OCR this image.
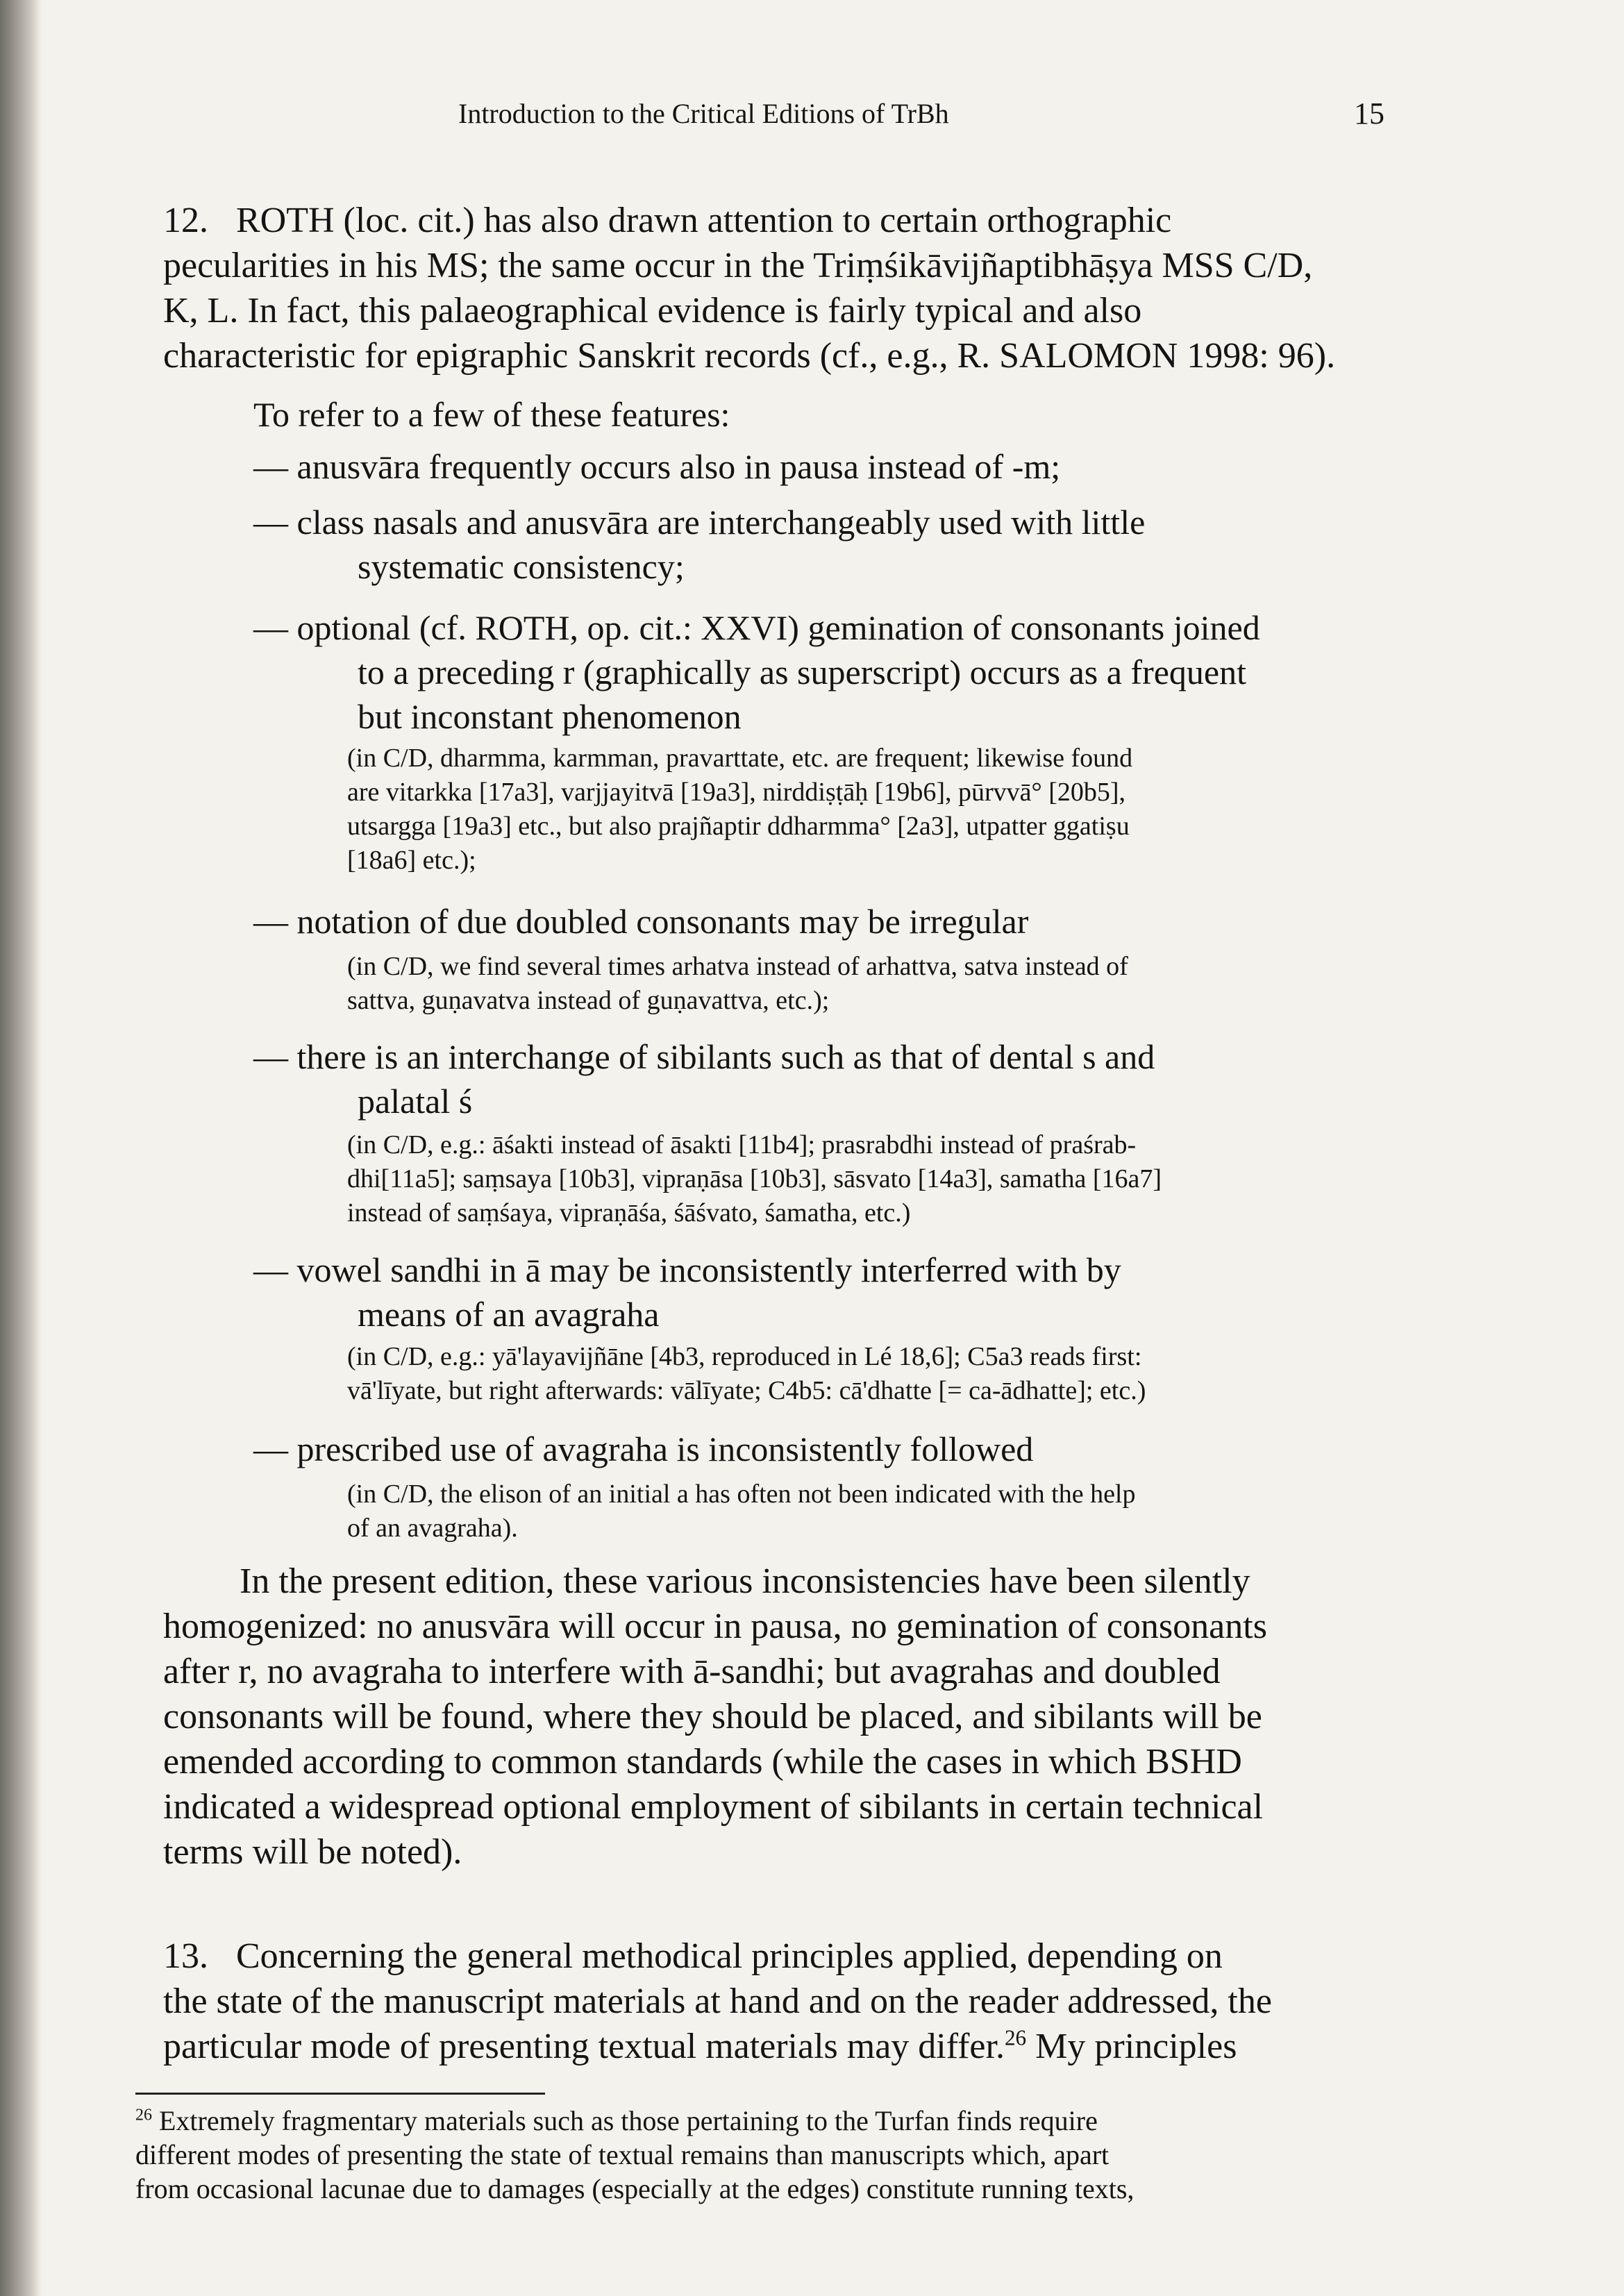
Introduction to the Critical Editions of TrBh	15
12. ROTH (loc. cit.) has also drawn attention to certain orthographic
pecularities in his MS; the same occur in the Triṃśikāvijñaptibhāṣya MSS C/D,
K, L. In fact, this palaeographical evidence is fairly typical and also
characteristic for epigraphic Sanskrit records (cf., e.g., R. SALOMON 1998: 96).
To refer to a few of these features:
— anusvāra frequently occurs also in pausa instead of -m;
— class nasals and anusvāra are interchangeably used with little
systematic consistency;
— optional (cf. ROTH, op. cit.: XXVI) gemination of consonants joined
to a preceding r (graphically as superscript) occurs as a frequent
but inconstant phenomenon
(in C/D, dharmma, karmman, pravarttate, etc. are frequent; likewise found
are vitarkka [17a3], varjjayitvā [19a3], nirddiṣṭāḥ [19b6], pūrvvā° [20b5],
utsargga [19a3] etc., but also prajñaptir ddharmma° [2a3], utpatter ggatiṣu
[18a6] etc.);
— notation of due doubled consonants may be irregular
(in C/D, we find several times arhatva instead of arhattva, satva instead of
sattva, guṇavatva instead of guṇavattva, etc.);
— there is an interchange of sibilants such as that of dental s and
palatal ś
(in C/D, e.g.: āśakti instead of āsakti [11b4]; prasrabdhi instead of praśrab-
dhi[11a5]; saṃsaya [10b3], vipraṇāsa [10b3], sāsvato [14a3], samatha [16a7]
instead of saṃśaya, vipraṇāśa, śāśvato, śamatha, etc.)
— vowel sandhi in ā may be inconsistently interferred with by
means of an avagraha
(in C/D, e.g.: yā'layavijñāne [4b3, reproduced in Lé 18,6]; C5a3 reads first:
vā'līyate, but right afterwards: vālīyate; C4b5: cā'dhatte [= ca-ādhatte]; etc.)
— prescribed use of avagraha is inconsistently followed
(in C/D, the elison of an initial a has often not been indicated with the help
of an avagraha).
In the present edition, these various inconsistencies have been silently
homogenized: no anusvāra will occur in pausa, no gemination of consonants
after r, no avagraha to interfere with ā-sandhi; but avagrahas and doubled
consonants will be found, where they should be placed, and sibilants will be
emended according to common standards (while the cases in which BSHD
indicated a widespread optional employment of sibilants in certain technical
terms will be noted).
13. Concerning the general methodical principles applied, depending on
the state of the manuscript materials at hand and on the reader addressed, the
particular mode of presenting textual materials may differ.$^{26}$ My principles
$^{26}$ Extremely fragmentary materials such as those pertaining to the Turfan finds require
different modes of presenting the state of textual remains than manuscripts which, apart
from occasional lacunae due to damages (especially at the edges) constitute running texts,
